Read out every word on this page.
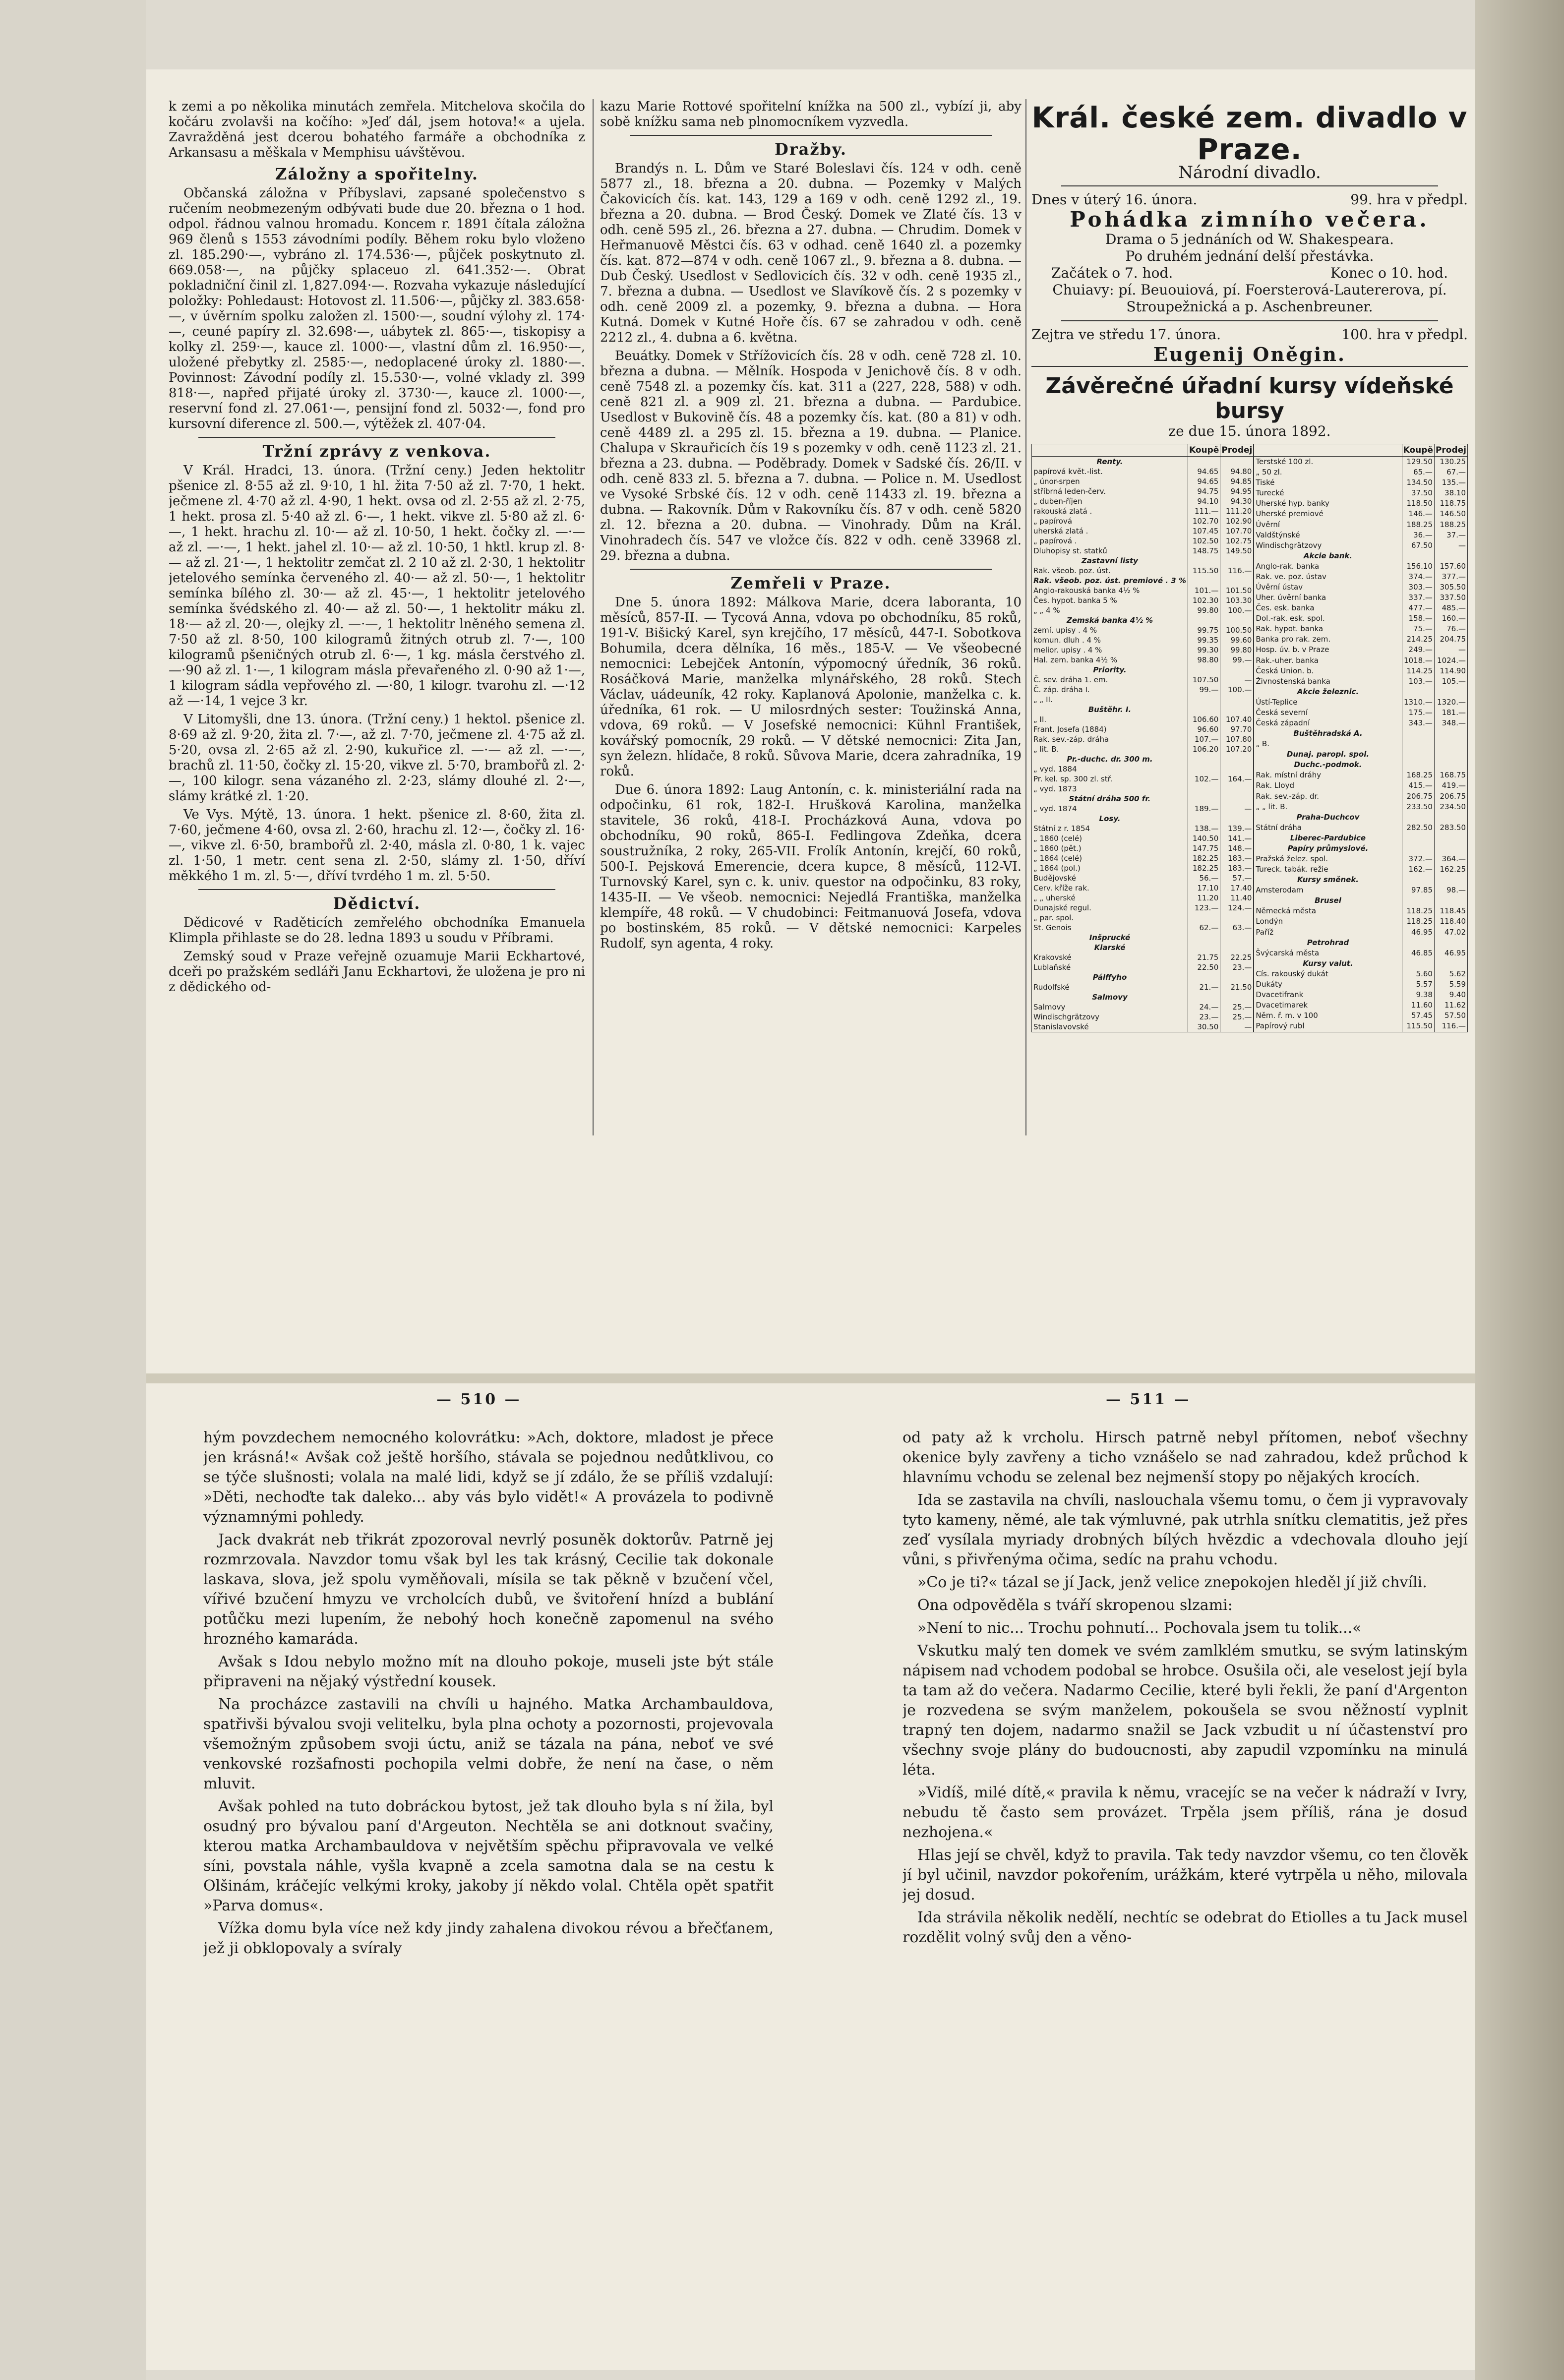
k zemi a po několika minutách zemřela. Mitchelova skočila do kočáru zvolavši na kočího: »Jeď dál, jsem hotova!« a ujela. Zavražděná jest dcerou bohatého farmáře a obchodníka z Arkansasu a měškala v Memphisu uávštěvou.

Záložny a spořitelny.

Občanská záložna v Příbyslavi, zapsané společenstvo s ručením neobmezeným odbývati bude due 20. března o 1 hod. odpol. řádnou valnou hromadu. Koncem r. 1891 čítala záložna 969 členů s 1553 závodními podíly. Během roku bylo vloženo zl. 185.290·—, vybráno zl. 174.536·—, půjček poskytnuto zl. 669.058·—, na půjčky splaceuo zl. 641.352·—. Obrat pokladniční činil zl. 1,827.094·—. Rozvaha vykazuje následující položky: Pohledaust: Hotovost zl. 11.506·—, půjčky zl. 383.658·—, v úvěrním spolku založen zl. 1500·—, soudní výlohy zl. 174·—, ceuné papíry zl. 32.698·—, uábytek zl. 865·—, tiskopisy a kolky zl. 259·—, kauce zl. 1000·—, vlastní dům zl. 16.950·—, uložené přebytky zl. 2585·—, nedoplacené úroky zl. 1880·—. Povinnost: Závodní podíly zl. 15.530·—, volné vklady zl. 399 818·—, napřed přijaté úroky zl. 3730·—, kauce zl. 1000·—, reservní fond zl. 27.061·—, pensijní fond zl. 5032·—, fond pro kursovní diference zl. 500.—, výtěžek zl. 407·04.

Tržní zprávy z venkova.

V Král. Hradci, 13. února. (Tržní ceny.) Jeden hektolitr pšenice zl. 8·55 až zl. 9·10, 1 hl. žita 7·50 až zl. 7·70, 1 hekt. ječmene zl. 4·70 až zl. 4·90, 1 hekt. ovsa od zl. 2·55 až zl. 2·75, 1 hekt. prosa zl. 5·40 až zl. 6·—, 1 hekt. vikve zl. 5·80 až zl. 6·—, 1 hekt. hrachu zl. 10·— až zl. 10·50, 1 hekt. čočky zl. —·— až zl. —·—, 1 hekt. jahel zl. 10·— až zl. 10·50, 1 hktl. krup zl. 8·— až zl. 21·—, 1 hektolitr zemčat zl. 2 10 až zl. 2·30, 1 hektolitr jetelového semínka červeného zl. 40·— až zl. 50·—, 1 hektolitr semínka bílého zl. 30·— až zl. 45·—, 1 hektolitr jetelového semínka švédského zl. 40·— až zl. 50·—, 1 hektolitr máku zl. 18·— až zl. 20·—, olejky zl. —·—, 1 hektolitr lněného semena zl. 7·50 až zl. 8·50, 100 kilogramů žitných otrub zl. 7·—, 100 kilogramů pšeničných otrub zl. 6·—, 1 kg. másla čerstvého zl. —·90 až zl. 1·—, 1 kilogram másla převařeného zl. 0·90 až 1·—, 1 kilogram sádla vepřového zl. —·80, 1 kilogr. tvarohu zl. —·12 až —·14, 1 vejce 3 kr.

V Litomyšli, dne 13. února. (Tržní ceny.) 1 hektol. pšenice zl. 8·69 až zl. 9·20, žita zl. 7·—, až zl. 7·70, ječmene zl. 4·75 až zl. 5·20, ovsa zl. 2·65 až zl. 2·90, kukuřice zl. —·— až zl. —·—, brachů zl. 11·50, čočky zl. 15·20, vikve zl. 5·70, brambořů zl. 2·—, 100 kilogr. sena vázaného zl. 2·23, slámy dlouhé zl. 2·—, slámy krátké zl. 1·20.

Ve Vys. Mýtě, 13. února. 1 hekt. pšenice zl. 8·60, žita zl. 7·60, ječmene 4·60, ovsa zl. 2·60, hrachu zl. 12·—, čočky zl. 16·—, vikve zl. 6·50, brambořů zl. 2·40, másla zl. 0·80, 1 k. vajec zl. 1·50, 1 metr. cent sena zl. 2·50, slámy zl. 1·50, dříví měkkého 1 m. zl. 5·—, dříví tvrdého 1 m. zl. 5·50.

Dědictví.

Dědicové v Raděticích zemřelého obchodníka Emanuela Klimpla přihlaste se do 28. ledna 1893 u soudu v Příbrami.

Zemský soud v Praze veřejně ozuamuje Marii Eckhartové, dceři po pražském sedláři Janu Eckhartovi, že uložena je pro ni z dědického od-

kazu Marie Rottové spořitelní knížka na 500 zl., vybízí ji, aby sobě knížku sama neb plnomocníkem vyzvedla.

Dražby.

Brandýs n. L. Dům ve Staré Boleslavi čís. 124 v odh. ceně 5877 zl., 18. března a 20. dubna. — Pozemky v Malých Čakovicích čís. kat. 143, 129 a 169 v odh. ceně 1292 zl., 19. března a 20. dubna. — Brod Český. Domek ve Zlaté čís. 13 v odh. ceně 595 zl., 26. března a 27. dubna. — Chrudim. Domek v Heřmanuově Městci čís. 63 v odhad. ceně 1640 zl. a pozemky čís. kat. 872—874 v odh. ceně 1067 zl., 9. března a 8. dubna. — Dub Český. Usedlost v Sedlovicích čís. 32 v odh. ceně 1935 zl., 7. března a dubna. — Usedlost ve Slavíkově čís. 2 s pozemky v odh. ceně 2009 zl. a pozemky, 9. března a dubna. — Hora Kutná. Domek v Kutné Hoře čís. 67 se zahradou v odh. ceně 2212 zl., 4. dubna a 6. května.

Beuátky. Domek v Střížovicích čís. 28 v odh. ceně 728 zl. 10. března a dubna. — Mělník. Hospoda v Jenichově čís. 8 v odh. ceně 7548 zl. a pozemky čís. kat. 311 a (227, 228, 588) v odh. ceně 821 zl. a 909 zl. 21. března a dubna. — Pardubice. Usedlost v Bukovině čís. 48 a pozemky čís. kat. (80 a 81) v odh. ceně 4489 zl. a 295 zl. 15. března a 19. dubna. — Planice. Chalupa v Skrauřicích čís 19 s pozemky v odh. ceně 1123 zl. 21. března a 23. dubna. — Poděbrady. Domek v Sadské čís. 26/II. v odh. ceně 833 zl. 5. března a 7. dubna. — Police n. M. Usedlost ve Vysoké Srbské čís. 12 v odh. ceně 11433 zl. 19. března a dubna. — Rakovník. Dům v Rakovníku čís. 87 v odh. ceně 5820 zl. 12. března a 20. dubna. — Vinohrady. Dům na Král. Vinohradech čís. 547 ve vložce čís. 822 v odh. ceně 33968 zl. 29. března a dubna.

Zemřeli v Praze.

Dne 5. února 1892: Málkova Marie, dcera laboranta, 10 měsíců, 857-II. — Tycová Anna, vdova po obchodníku, 85 roků, 191-V. Bišický Karel, syn krejčího, 17 měsíců, 447-I. Sobotkova Bohumila, dcera dělníka, 16 měs., 185-V. — Ve všeobecné nemocnici: Lebejček Antonín, výpomocný úředník, 36 roků. Rosáčková Marie, manželka mlynářského, 28 roků. Stech Václav, uádeuník, 42 roky. Kaplanová Apolonie, manželka c. k. úředníka, 61 rok. — U milosrdných sester: Toužinská Anna, vdova, 69 roků. — V Josefské nemocnici: Kühnl František, kovářský pomocník, 29 roků. — V dětské nemocnici: Zita Jan, syn železn. hlídače, 8 roků. Sůvova Marie, dcera zahradníka, 19 roků.

Due 6. února 1892: Laug Antonín, c. k. ministeriální rada na odpočinku, 61 rok, 182-I. Hrušková Karolina, manželka stavitele, 36 roků, 418-I. Procházková Auna, vdova po obchodníku, 90 roků, 865-I. Fedlingova Zdeňka, dcera soustružníka, 2 roky, 265-VII. Frolík Antonín, krejčí, 60 roků, 500-I. Pejsková Emerencie, dcera kupce, 8 měsíců, 112-VI. Turnovský Karel, syn c. k. univ. questor na odpočinku, 83 roky, 1435-II. — Ve všeob. nemocnici: Nejedlá Františka, manželka klempíře, 48 roků. — V chudobinci: Feitmanuová Josefa, vdova po bostinském, 85 roků. — V dětské nemocnici: Karpeles Rudolf, syn agenta, 4 roky.

Král. české zem. divadlo v Praze.
Národní divadlo.
Dnes v úterý 16. února.	99. hra v předpl.
Pohádka zimního večera.
Drama o 5 jednáních od W. Shakespeara.
Po druhém jednání delší přestávka.
Začátek o 7. hod.	Konec o 10. hod.
Chuiavy: pí. Beuouiová, pí. Foersterová-Lautererova, pí. Stroupežnická a p. Aschenbreuner.
Zejtra ve středu 17. února.	100. hra v předpl.
Eugenij Oněgin.
Závěrečné úřadní kursy vídeňské bursy
ze due 15. února 1892.
	Koupě	Prodej
Renty.		
papírová květ.-list.	94.65	94.80
„ únor-srpen	94.65	94.85
stříbrná leden-červ.	94.75	94.95
„ duben-říjen	94.10	94.30
rakouská zlatá .	111.—	111.20
„ papírová	102.70	102.90
uherská zlatá .	107.45	107.70
„ papírová .	102.50	102.75
Dluhopisy st. statků	148.75	149.50
Zastavní listy		
Rak. všeob. poz. úst.	115.50	116.—
Rak. všeob. poz. úst. premiové . 3 %		
Anglo-rakouská banka 4½ %	101.—	101.50
Čes. hypot. banka 5 %	102.30	103.30
„ „ 4 %	99.80	100.—
Zemská banka 4½ %		
zemí. upisy . 4 %	99.75	100.50
komun. dluh . 4 %	99.35	99.60
melior. upisy . 4 %	99.30	99.80
Hal. zem. banka 4½ %	98.80	99.—
Priority.		
Č. sev. dráha 1. em.	107.50	—
Č. záp. dráha I.	99.—	100.—
„ „ II.		
Buštěhr. I.		
„ II.	106.60	107.40
Frant. Josefa (1884)	96.60	97.70
Rak. sev.-záp. dráha	107.—	107.80
„ lit. B.	106.20	107.20
Pr.-duchc. dr. 300 m.		
„ vyd. 1884		
Pr. kel. sp. 300 zl. stř.	102.—	164.—
„ vyd. 1873		
Státní dráha 500 fr.		
„ vyd. 1874	189.—	—
Losy.		
Státní z r. 1854	138.—	139.—
„ 1860 (celé)	140.50	141.—
„ 1860 (pět.)	147.75	148.—
„ 1864 (celé)	182.25	183.—
„ 1864 (pol.)	182.25	183.—
Budějovské	56.—	57.—
Cerv. kříže rak.	17.10	17.40
„ „ uherské	11.20	11.40
Dunajské regul.	123.—	124.—
„ par. spol.		
St. Genois	62.—	63.—
Inšprucké		
Klarské		
Krakovské	21.75	22.25
Lublaňské	22.50	23.—
Pálffyho		
Rudolfské	21.—	21.50
Salmovy		
Salmovy	24.—	25.—
Windischgrätzovy	23.—	25.—
Stanislavovské	30.50	—
	Koupě	Prodej
Terstské 100 zl.	129.50	130.25
„ 50 zl.	65.—	67.—
Tiské	134.50	135.—
Turecké	37.50	38.10
Uherské hyp. banky	118.50	118.75
Uherské premiové	146.—	146.50
Úvěrní	188.25	188.25
Valdštýnské	36.—	37.—
Windischgrätzovy	67.50	—
Akcie bank.		
Anglo-rak. banka	156.10	157.60
Rak. ve. poz. ústav	374.—	377.—
Úvěrní ústav	303.—	305.50
Uher. úvěrní banka	337.—	337.50
Čes. esk. banka	477.—	485.—
Dol.-rak. esk. spol.	158.—	160.—
Rak. hypot. banka	75.—	76.—
Banka pro rak. zem.	214.25	204.75
Hosp. úv. b. v Praze	249.—	—
Rak.-uher. banka	1018.—	1024.—
Česká Union. b.	114.25	114.90
Živnostenská banka	103.—	105.—
Akcie železnic.		
Ústí-Teplice	1310.—	1320.—
Česká severní	175.—	181.—
Česká západní	343.—	348.—
Buštěhradská A.		
„ B.		
Dunaj. paropl. spol.		
Duchc.-podmok.		
Rak. místní dráhy	168.25	168.75
Rak. Lloyd	415.—	419.—
Rak. sev.-záp. dr.	206.75	206.75
„ „ lit. B.	233.50	234.50
Praha-Duchcov		
Státní dráha	282.50	283.50
Liberec-Pardubice		
Papíry průmyslové.		
Pražská želez. spol.	372.—	364.—
Tureck. tabák. režie	162.—	162.25
Kursy směnek.		
Amsterodam	97.85	98.—
Brusel		
Německá města	118.25	118.45
Londýn	118.25	118.40
Paříž	46.95	47.02
Petrohrad		
Švýcarská města	46.85	46.95
Kursy valut.		
Cís. rakouský dukát	5.60	5.62
Dukáty	5.57	5.59
Dvacetifrank	9.38	9.40
Dvacetimarek	11.60	11.62
Něm. ř. m. v 100	57.45	57.50
Papírový rubl	115.50	116.—
— 510 —	— 511 —

hým povzdechem nemocného kolovrátku: »Ach, doktore, mladost je přece jen krásná!« Avšak což ještě horšího, stávala se pojednou nedůtklivou, co se týče slušnosti; volala na malé lidi, když se jí zdálo, že se příliš vzdalují: »Děti, nechoďte tak daleko... aby vás bylo vidět!« A provázela to podivně významnými pohledy.

Jack dvakrát neb třikrát zpozoroval nevrlý posuněk doktorův. Patrně jej rozmrzovala. Navzdor tomu však byl les tak krásný, Cecilie tak dokonale laskava, slova, jež spolu vyměňovali, mísila se tak pěkně v bzučení včel, vířivé bzučení hmyzu ve vrcholcích dubů, ve švitoření hnízd a bublání potůčku mezi lupením, že nebohý hoch konečně zapomenul na svého hrozného kamaráda.

Avšak s Idou nebylo možno mít na dlouho pokoje, museli jste být stále připraveni na nějaký výstřední kousek.

Na procházce zastavili na chvíli u hajného. Matka Archambauldova, spatřivši bývalou svoji velitelku, byla plna ochoty a pozornosti, projevovala všemožným způsobem svoji úctu, aniž se tázala na pána, neboť ve své venkovské rozšafnosti pochopila velmi dobře, že není na čase, o něm mluvit.

Avšak pohled na tuto dobráckou bytost, jež tak dlouho byla s ní žila, byl osudný pro bývalou paní d'Argeuton. Nechtěla se ani dotknout svačiny, kterou matka Archambauldova v největším spěchu připravovala ve velké síni, povstala náhle, vyšla kvapně a zcela samotna dala se na cestu k Olšinám, kráčejíc velkými kroky, jakoby jí někdo volal. Chtěla opět spatřit »Parva domus«.

Vížka domu byla více než kdy jindy zahalena divokou révou a břečťanem, jež ji obklopovaly a svíraly

od paty až k vrcholu. Hirsch patrně nebyl přítomen, neboť všechny okenice byly zavřeny a ticho vznášelo se nad zahradou, kdež průchod k hlavnímu vchodu se zelenal bez nejmenší stopy po nějakých krocích.

Ida se zastavila na chvíli, naslouchala všemu tomu, o čem ji vypravovaly tyto kameny, němé, ale tak výmluvné, pak utrhla snítku clematitis, jež přes zeď vysílala myriady drobných bílých hvězdic a vdechovala dlouho její vůni, s přivřenýma očima, sedíc na prahu vchodu.

»Co je ti?« tázal se jí Jack, jenž velice znepokojen hleděl jí již chvíli.

Ona odpověděla s tváří skropenou slzami:

»Není to nic... Trochu pohnutí... Pochovala jsem tu tolik...«

Vskutku malý ten domek ve svém zamlklém smutku, se svým latinským nápisem nad vchodem podobal se hrobce. Osušila oči, ale veselost její byla ta tam až do večera. Nadarmo Cecilie, které byli řekli, že paní d'Argenton je rozvedena se svým manželem, pokoušela se svou něžností vyplnit trapný ten dojem, nadarmo snažil se Jack vzbudit u ní účastenství pro všechny svoje plány do budoucnosti, aby zapudil vzpomínku na minulá léta.

»Vidíš, milé dítě,« pravila k němu, vracejíc se na večer k nádraží v Ivry, nebudu tě často sem provázet. Trpěla jsem příliš, rána je dosud nezhojena.«

Hlas její se chvěl, když to pravila. Tak tedy navzdor všemu, co ten člověk jí byl učinil, navzdor pokořením, urážkám, které vytrpěla u něho, milovala jej dosud.

Ida strávila několik nedělí, nechtíc se odebrat do Etiolles a tu Jack musel rozdělit volný svůj den a věno-
